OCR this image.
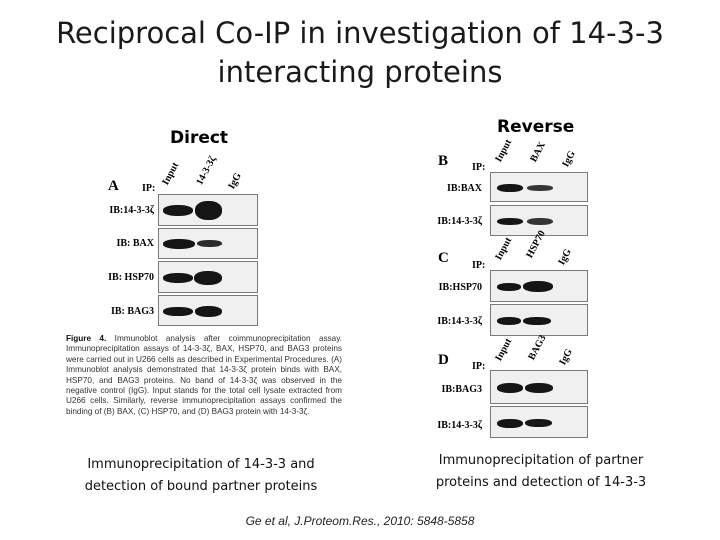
Reciprocal Co-IP in investigation of 14-3-3
interacting proteins
Direct
Reverse
A IP:
Input 14-3-3ζ IgG
IB:14-3-3ζ
IB: BAX
IB: HSP70
IB: BAG3
Figure 4. Immunoblot analysis after coimmunoprecipitation assay. Immunoprecipitation assays of 14-3-3ζ, BAX, HSP70, and BAG3 proteins were carried out in U266 cells as described in Experimental Procedures. (A) Immunoblot analysis demonstrated that 14-3-3ζ protein binds with BAX, HSP70, and BAG3 proteins. No band of 14-3-3ζ was observed in the negative control (IgG). Input stands for the total cell lysate extracted from U266 cells. Similarly, reverse immunoprecipitation assays confirmed the binding of (B) BAX, (C) HSP70, and (D) BAG3 protein with 14-3-3ζ.
B IP:
Input BAX IgG
IB:BAX
IB:14-3-3ζ
C IP:
Input HSP70 IgG
IB:HSP70
IB:14-3-3ζ
D IP:
Input BAG3 IgG
IB:BAG3
IB:14-3-3ζ
Immunoprecipitation of 14-3-3 and
detection of bound partner proteins
Immunoprecipitation of partner
proteins and detection of 14-3-3
Ge et al, J.Proteom.Res., 2010: 5848-5858
